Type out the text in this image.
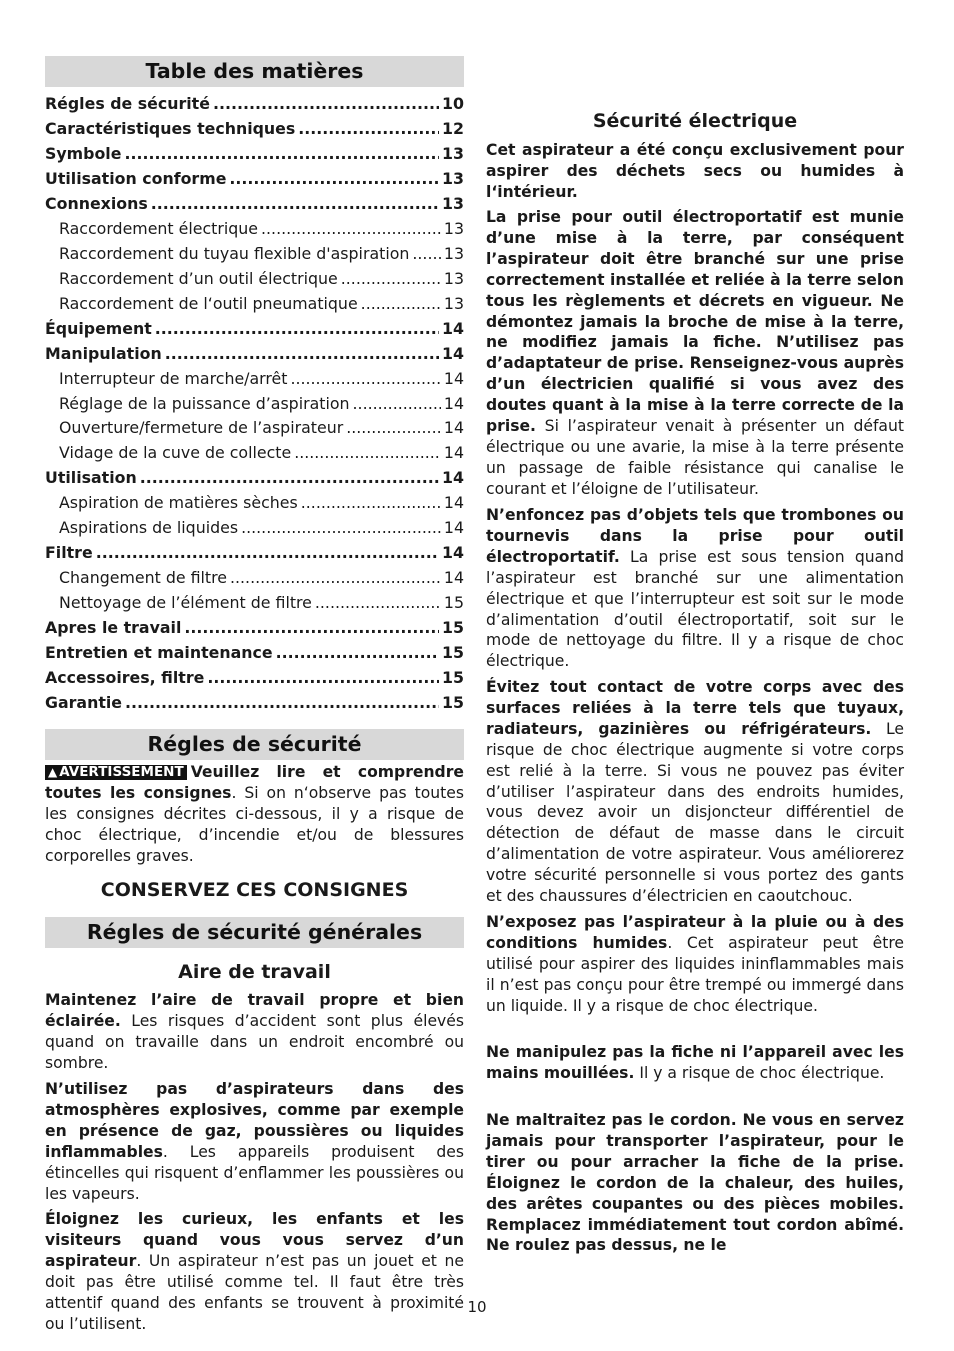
Table des matières
Régles de sécurité .....	10
Caractéristiques techniques .....	12
Symbole .....	13
Utilisation conforme .....	13
Connexions .....	13
Raccordement électrique .....	13
Raccordement du tuyau flexible d'aspiration ..... 13
Raccordement d’un outil électrique .....	13
Raccordement de l‘outil pneumatique .....	13
Équipement .....	14
Manipulation .....	14
Interrupteur de marche/arrêt .....	14
Réglage de la puissance d’aspiration .....	14
Ouverture/fermeture de l’aspirateur .....	14
Vidage de la cuve de collecte .....	14
Utilisation .....	14
Aspiration de matières sèches .....	14
Aspirations de liquides .....	14
Filtre .....	14
Changement de filtre .....	14
Nettoyage de l’élément de filtre .....	15
Apres le travail .....	15
Entretien et maintenance .....	15
Accessoires, filtre .....	15
Garantie .....	15
Régles de sécurité

▲ AVERTISSEMENT Veuillez lire et comprendre toutes les consignes. Si on n‘observe pas toutes les consignes décrites ci-dessous, il y a risque de choc électrique, d’incendie et/ou de blessures corporelles graves.

CONSERVEZ CES CONSIGNES
Régles de sécurité générales
Aire de travail

Maintenez l’aire de travail propre et bien éclairée. Les risques d’accident sont plus élevés quand on travaille dans un endroit encombré ou sombre.

N’utilisez pas d’aspirateurs dans des atmosphères explosives, comme par exemple en présence de gaz, poussières ou liquides inflammables. Les appareils produisent des étincelles qui risquent d’enflammer les poussières ou les vapeurs.

Éloignez les curieux, les enfants et les visiteurs quand vous vous servez d’un aspirateur. Un aspirateur n’est pas un jouet et ne doit pas être utilisé comme tel. Il faut être très attentif quand des enfants se trouvent à proximité ou l’utilisent.

Sécurité électrique

Cet aspirateur a été conçu exclusivement pour aspirer des déchets secs ou humides à l‘intérieur.

La prise pour outil électroportatif est munie d’une mise à la terre, par conséquent l’aspirateur doit être branché sur une prise correctement installée et reliée à la terre selon tous les règlements et décrets en vigueur. Ne démontez jamais la broche de mise à la terre, ne modifiez jamais la fiche. N’utilisez pas d’adaptateur de prise. Renseignez-vous auprès d’un électricien qualifié si vous avez des doutes quant à la mise à la terre correcte de la prise. Si l’aspirateur venait à présenter un défaut électrique ou une avarie, la mise à la terre présente un passage de faible résistance qui canalise le courant et l’éloigne de l’utilisateur.

N’enfoncez pas d’objets tels que trombones ou tournevis dans la prise pour outil électroportatif. La prise est sous tension quand l’aspirateur est branché sur une alimentation électrique et que l’interrupteur est soit sur le mode d’alimentation d’outil électroportatif, soit sur le mode de nettoyage du filtre. Il y a risque de choc électrique.

Évitez tout contact de votre corps avec des surfaces reliées à la terre tels que tuyaux, radiateurs, gazinières ou réfrigérateurs. Le risque de choc électrique augmente si votre corps est relié à la terre. Si vous ne pouvez pas éviter d’utiliser l’aspirateur dans des endroits humides, vous devez avoir un disjoncteur différentiel de détection de défaut de masse dans le circuit d’alimentation de votre aspirateur. Vous améliorerez votre sécurité personnelle si vous portez des gants et des chaussures d’électricien en caoutchouc.

N’exposez pas l’aspirateur à la pluie ou à des conditions humides. Cet aspirateur peut être utilisé pour aspirer des liquides ininflammables mais il n’est pas conçu pour être trempé ou immergé dans un liquide. Il y a risque de choc électrique.

Ne manipulez pas la fiche ni l’appareil avec les mains mouillées. Il y a risque de choc électrique.

Ne maltraitez pas le cordon. Ne vous en servez jamais pour transporter l’aspirateur, pour le tirer ou pour arracher la fiche de la prise. Éloignez le cordon de la chaleur, des huiles, des arêtes coupantes ou des pièces mobiles. Remplacez immédiatement tout cordon abîmé. Ne roulez pas dessus, ne le

10
